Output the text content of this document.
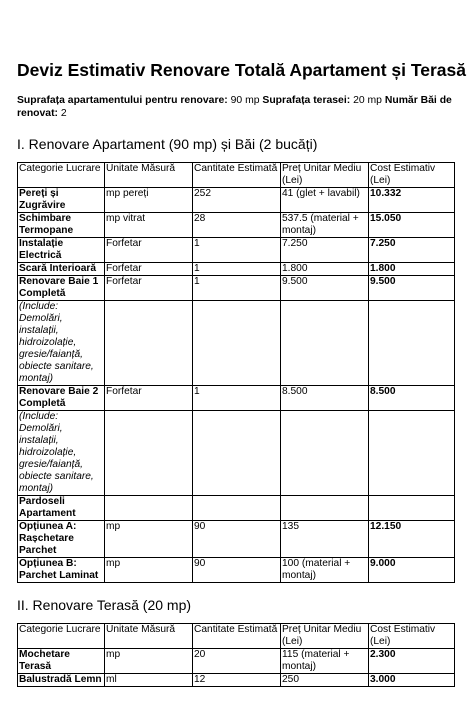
Deviz Estimativ Renovare Totală Apartament și Terasă

Suprafața apartamentului pentru renovare: 90 mp Suprafața terasei: 20 mp Număr Băi de renovat: 2

I. Renovare Apartament (90 mp) și Băi (2 bucăți)
Categorie Lucrare	Unitate Măsură	Cantitate Estimată	Preț Unitar Mediu (Lei)	Cost Estimativ (Lei)
Pereți și Zugrăvire	mp pereți	252	41 (glet + lavabil)	10.332
Schimbare Termopane	mp vitrat	28	537.5 (material + montaj)	15.050
Instalație Electrică	Forfetar	1	7.250	7.250
Scară Interioară	Forfetar	1	1.800	1.800
Renovare Baie 1 Completă	Forfetar	1	9.500	9.500
(Include: Demolări, instalații, hidroizolație, gresie/faianță, obiecte sanitare, montaj)				
Renovare Baie 2 Completă	Forfetar	1	8.500	8.500
(Include: Demolări, instalații, hidroizolație, gresie/faianță, obiecte sanitare, montaj)				
Pardoseli Apartament				
Opțiunea A: Rașchetare Parchet	mp	90	135	12.150
Opțiunea B: Parchet Laminat	mp	90	100 (material + montaj)	9.000
II. Renovare Terasă (20 mp)
Categorie Lucrare	Unitate Măsură	Cantitate Estimată	Preț Unitar Mediu (Lei)	Cost Estimativ (Lei)
Mochetare Terasă	mp	20	115 (material + montaj)	2.300
Balustradă Lemn	ml	12	250	3.000
